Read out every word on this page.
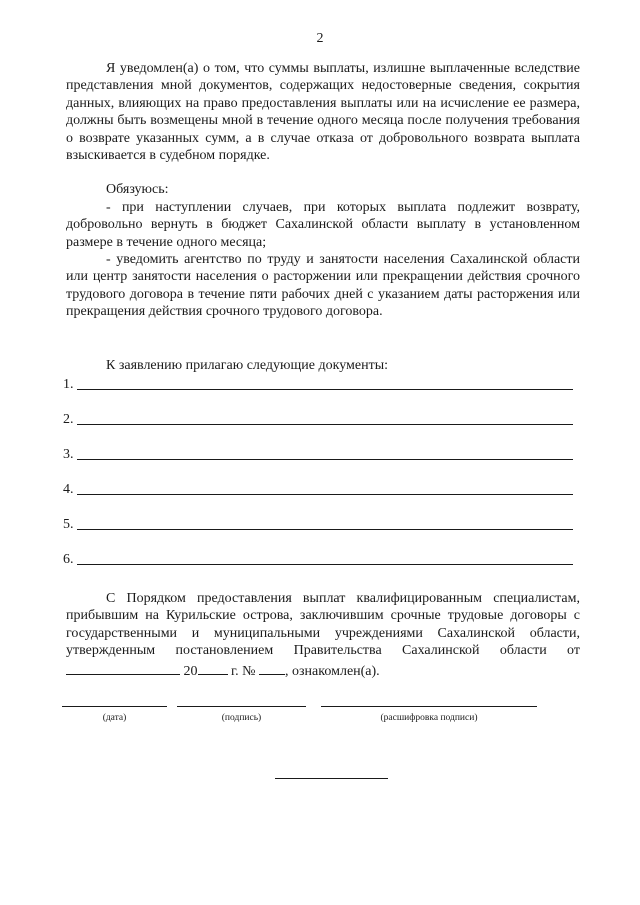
2

Я уведомлен(а) о том, что суммы выплаты, излишне выплаченные вследствие представления мной документов, содержащих недостоверные сведения, сокрытия данных, влияющих на право предоставления выплаты или на исчисление ее размера, должны быть возмещены мной в течение одного месяца после получения требования о возврате указанных сумм, а в случае отказа от добровольного возврата выплата взыскивается в судебном порядке.

Обязуюсь:

- при наступлении случаев, при которых выплата подлежит возврату, добровольно вернуть в бюджет Сахалинской области выплату в установленном размере в течение одного месяца;

- уведомить агентство по труду и занятости населения Сахалинской области или центр занятости населения о расторжении или прекращении действия срочного трудового договора в течение пяти рабочих дней с указанием даты расторжения или прекращения действия срочного трудового договора.

К заявлению прилагаю следующие документы:
1.
2.
3.
4.
5.
6.

С Порядком предоставления выплат квалифицированным специалистам, прибывшим на Курильские острова, заключившим срочные трудовые договоры с государственными и муниципальными учреждениями Сахалинской области, утвержденным постановлением Правительства Сахалинской области от  20 г. № , ознакомлен(а).

(дата)	(подпись)	(расшифровка подписи)
